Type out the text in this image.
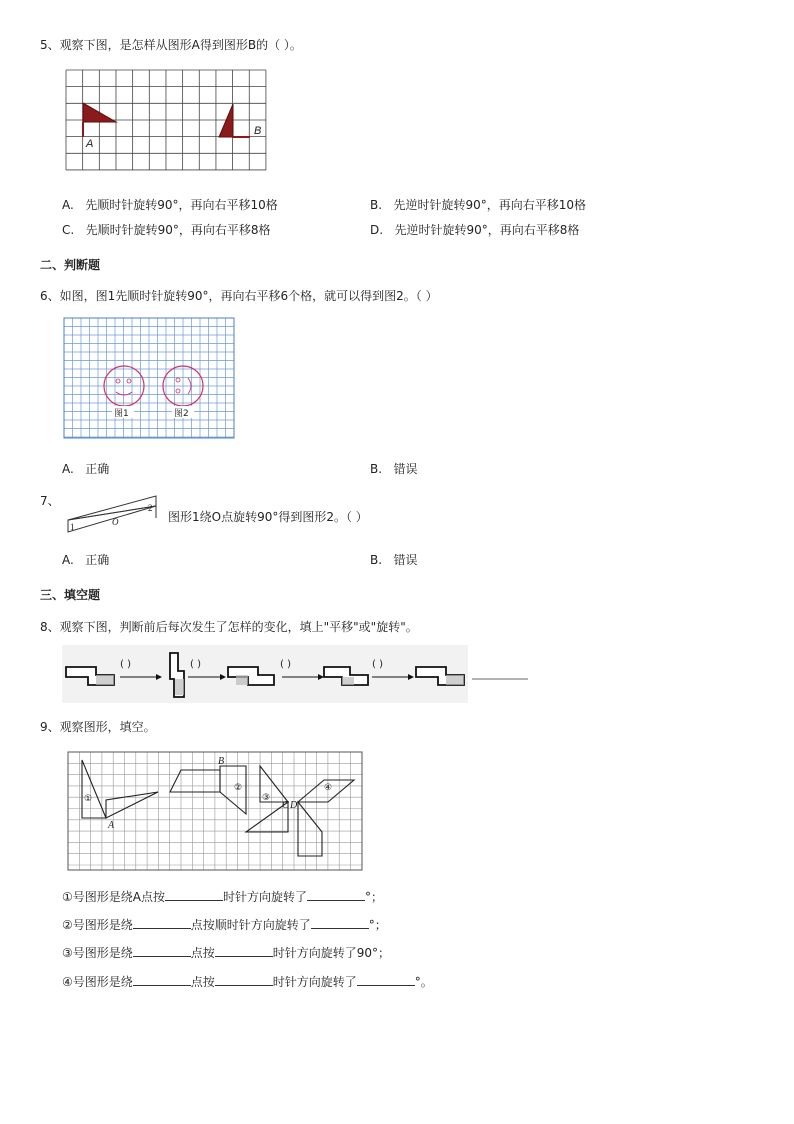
5、观察下图，是怎样从图形A得到图形B的（ ）。
A
B
A. 先顺时针旋转90°，再向右平移10格	B. 先逆时针旋转90°，再向右平移10格
C. 先顺时针旋转90°，再向右平移8格	D. 先逆时针旋转90°，再向右平移8格
二、判断题
6、如图，图1先顺时针旋转90°，再向右平移6个格，就可以得到图2。（ ）
图1	图2
A. 正确	B. 错误
7、
1
2
O	图形1绕O点旋转90°得到图形2。（ ）
A. 正确	B. 错误
三、填空题
8、观察下图，判断前后每次发生了怎样的变化，填上"平移"或"旋转"。
( )	( )	( )	( )
9、观察图形，填空。
①
A
B
②
③
C D
④
①号图形是绕A点按	时针方向旋转了	°；
②号图形是绕	点按顺时针方向旋转了	°；
③号图形是绕	点按	时针方向旋转了90°；
④号图形是绕	点按	时针方向旋转了	°。
